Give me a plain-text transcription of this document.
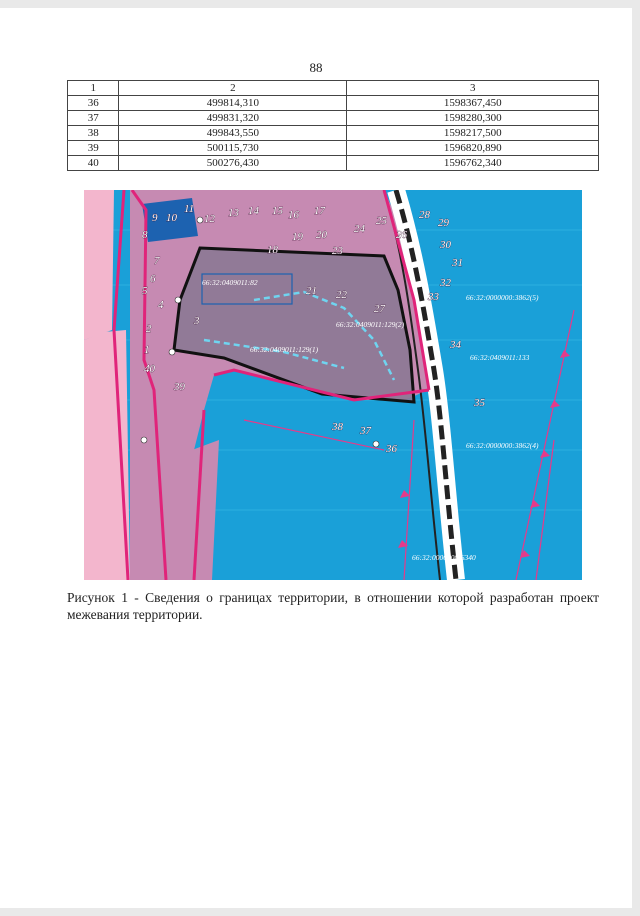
88
1	2	3
36	499814,310	1598367,450
37	499831,320	1598280,300
38	499843,550	1598217,500
39	500115,730	1596820,890
40	500276,430	1596762,340
9 10
11
12 13 14 15 16 17
18
19 20
21 22
23
24
25
26
27
28
29
30
31
32
33
34
35
36
37
38
39
40
1
2
3
4
5
6
7
8
66:32:0409011:82
66:32:0409011:129(2)
66:32:0409011:129(1)
66:32:0000000:3862(5)
66:32:0409011:133
66:32:0000000:3862(4)
66:32:0000000:6340
Рисунок 1 - Сведения о границах территории, в отношении которой разработан проект межевания территории.
